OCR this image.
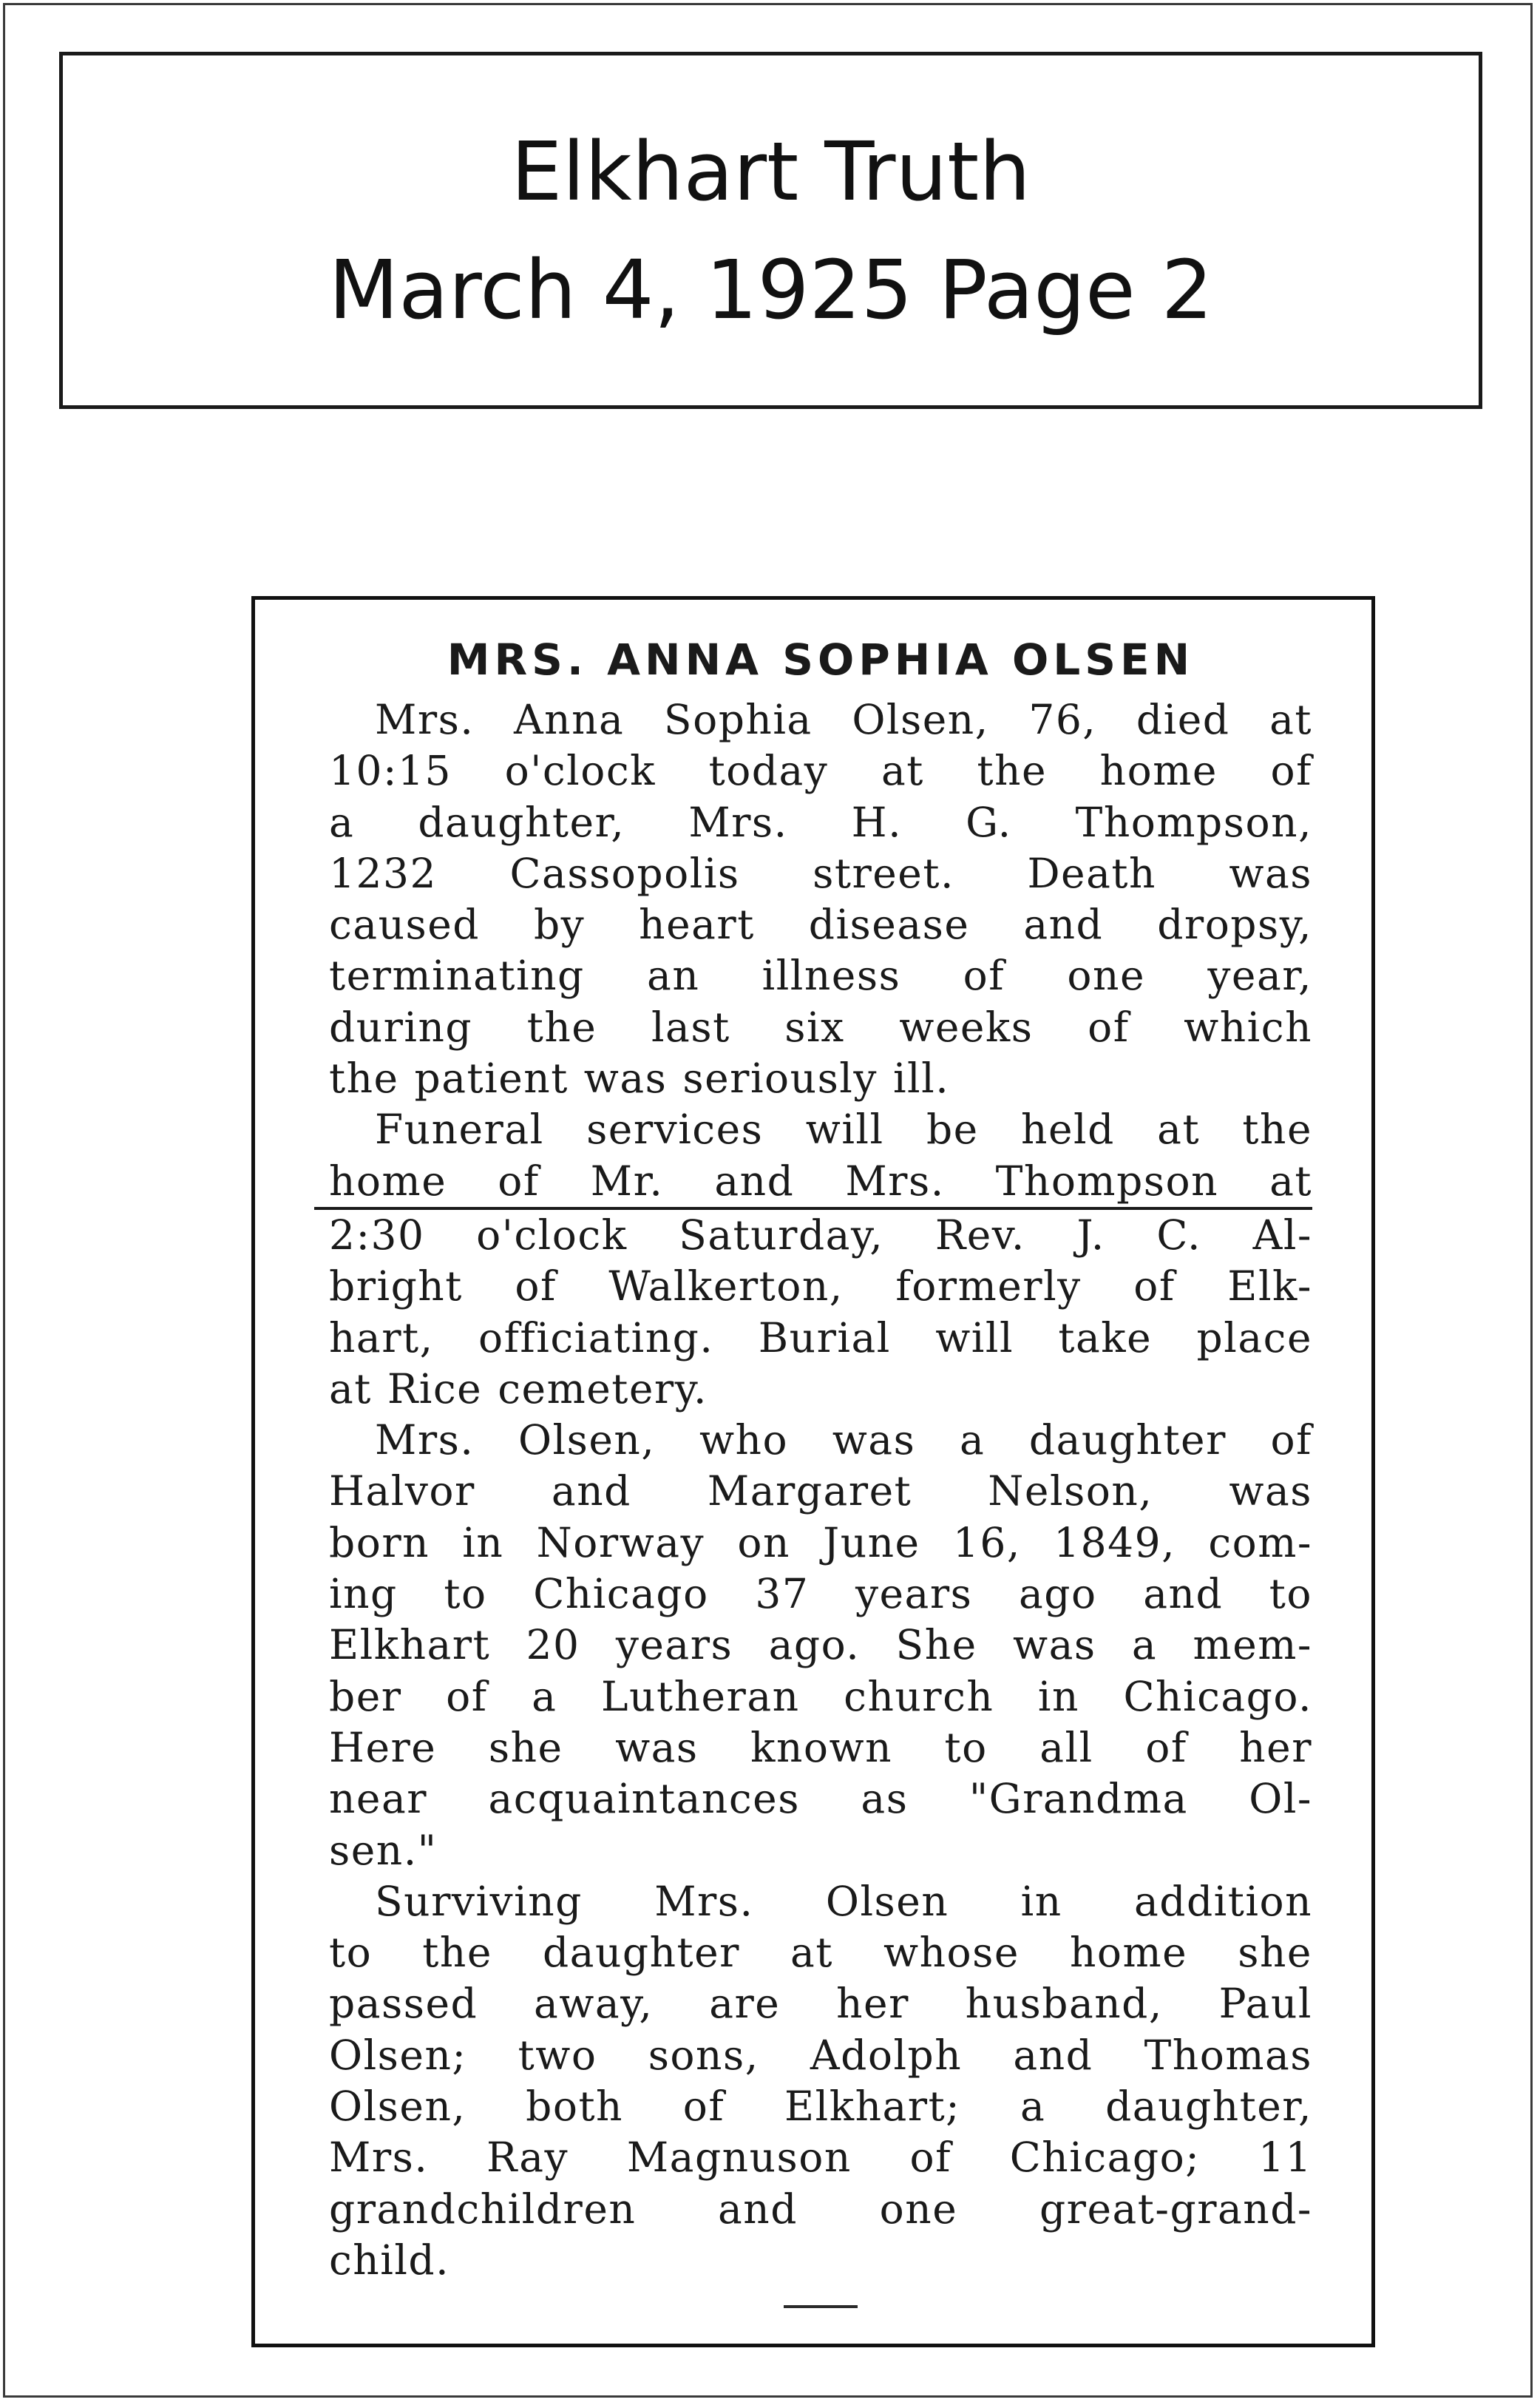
Elkhart Truth
March 4, 1925 Page 2
MRS. ANNA SOPHIA OLSEN
Mrs. Anna Sophia Olsen, 76, died at
10:15 o'clock today at the home of
a daughter, Mrs. H. G. Thompson,
1232 Cassopolis street. Death was
caused by heart disease and dropsy,
terminating an illness of one year,
during the last six weeks of which
the patient was seriously ill.
Funeral services will be held at the
home of Mr. and Mrs. Thompson at
2:30 o'clock Saturday, Rev. J. C. Al-
bright of Walkerton, formerly of Elk-
hart, officiating. Burial will take place
at Rice cemetery.
Mrs. Olsen, who was a daughter of
Halvor and Margaret Nelson, was
born in Norway on June 16, 1849, com-
ing to Chicago 37 years ago and to
Elkhart 20 years ago. She was a mem-
ber of a Lutheran church in Chicago.
Here she was known to all of her
near acquaintances as "Grandma Ol-
sen."
Surviving Mrs. Olsen in addition
to the daughter at whose home she
passed away, are her husband, Paul
Olsen; two sons, Adolph and Thomas
Olsen, both of Elkhart; a daughter,
Mrs. Ray Magnuson of Chicago; 11
grandchildren and one great-grand-
child.
